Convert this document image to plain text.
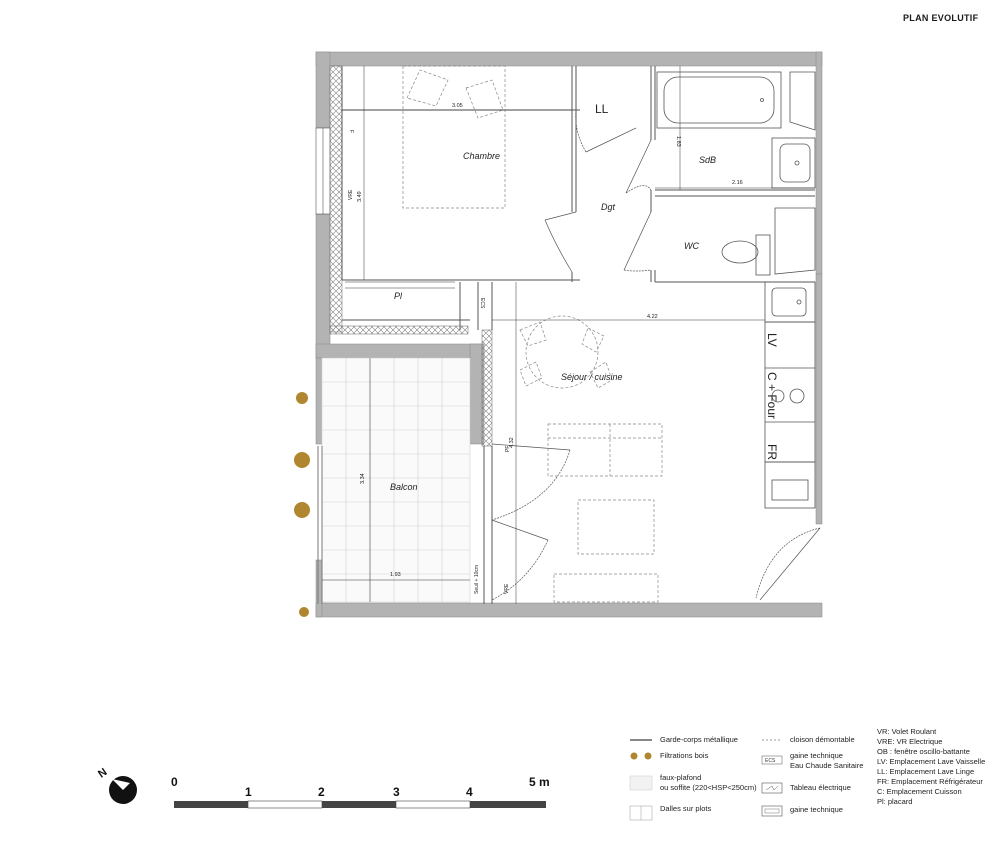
PLAN EVOLUTIF
Chambre	SdB
Dgt
WC
Séjour / cuisine
Balcon
Pl
LL
LV
C + Four
FR
ECS
F
VRE
VRE
PF
Seuil + 10cm
3.05
3.49
1.83
2.16
4.22
4.32
3.34
1.93
N
0
1	2	3	4
5 m
ECS
Garde-corps métallique
Filtrations bois
faux-plafond
ou soffite (220<HSP<250cm)
Dalles sur plots
cloison démontable
gaine technique
Eau Chaude Sanitaire
Tableau électrique
gaine technique
VR: Volet Roulant
VRE: VR Electrique
OB : fenêtre oscillo-battante
LV: Emplacement Lave Vaisselle
LL: Emplacement Lave Linge
FR: Emplacement Réfrigérateur
C: Emplacement Cuisson
Pl: placard
